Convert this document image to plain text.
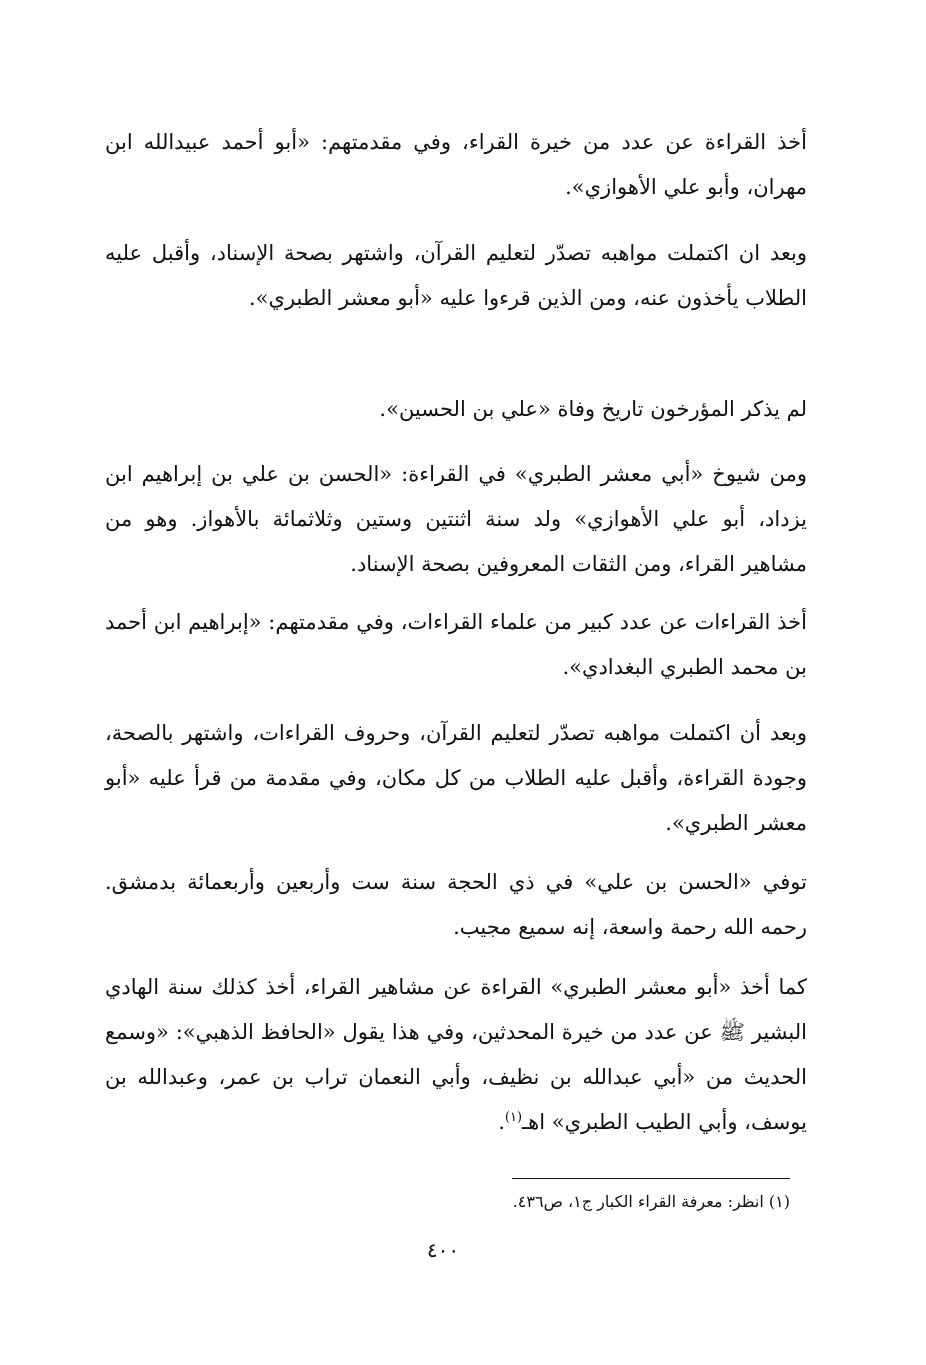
أخذ القراءة عن عدد من خيرة القراء، وفي مقدمتهم: «أبو أحمد عبيدالله ابن مهران، وأبو علي الأهوازي».

وبعد ان اكتملت مواهبه تصدّر لتعليم القرآن، واشتهر بصحة الإسناد، وأقبل عليه الطلاب يأخذون عنه، ومن الذين قرءوا عليه «أبو معشر الطبري».

لم يذكر المؤرخون تاريخ وفاة «علي بن الحسين».

ومن شيوخ «أبي معشر الطبري» في القراءة: «الحسن بن علي بن إبراهيم ابن يزداد، أبو علي الأهوازي» ولد سنة اثنتين وستين وثلاثمائة بالأهواز. وهو من مشاهير القراء، ومن الثقات المعروفين بصحة الإسناد.

أخذ القراءات عن عدد كبير من علماء القراءات، وفي مقدمتهم: «إبراهيم ابن أحمد بن محمد الطبري البغدادي».

وبعد أن اكتملت مواهبه تصدّر لتعليم القرآن، وحروف القراءات، واشتهر بالصحة، وجودة القراءة، وأقبل عليه الطلاب من كل مكان، وفي مقدمة من قرأ عليه «أبو معشر الطبري».

توفي «الحسن بن علي» في ذي الحجة سنة ست وأربعين وأربعمائة بدمشق. رحمه الله رحمة واسعة، إنه سميع مجيب.

كما أخذ «أبو معشر الطبري» القراءة عن مشاهير القراء، أخذ كذلك سنة الهادي البشير ﷺ عن عدد من خيرة المحدثين، وفي هذا يقول «الحافظ الذهبي»: «وسمع الحديث من «أبي عبدالله بن نظيف، وأبي النعمان تراب بن عمر، وعبدالله بن يوسف، وأبي الطيب الطبري» اهـ$^{(١)}$.

(١) انظر: معرفة القراء الكبار ج١، ص٤٣٦.

٤٠٠
